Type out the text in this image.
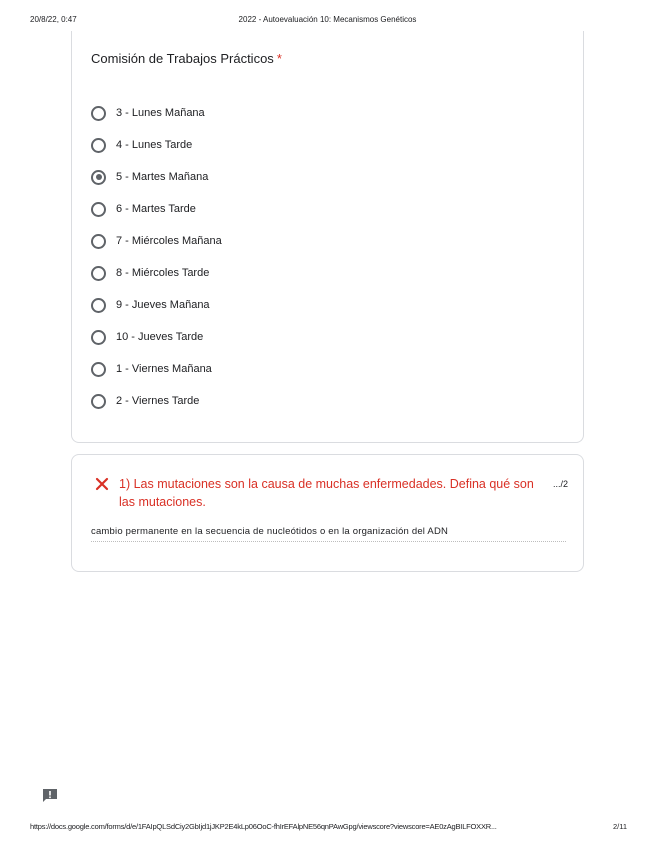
20/8/22, 0:47	2022 - Autoevaluación 10: Mecanismos Genéticos
Comisión de Trabajos Prácticos *
3 - Lunes Mañana
4 - Lunes Tarde
5 - Martes Mañana
6 - Martes Tarde
7 - Miércoles Mañana
8 - Miércoles Tarde
9 - Jueves Mañana
10 - Jueves Tarde
1 - Viernes Mañana
2 - Viernes Tarde
1) Las mutaciones son la causa de muchas enfermedades. Defina qué son las mutaciones.
.../2
cambio permanente en la secuencia de nucleótidos o en la organización del ADN
https://docs.google.com/forms/d/e/1FAIpQLSdCiy2GbIjd1jJKP2E4kLp06OoC-fhIrEFAlpNE56qnPAwGpg/viewscore?viewscore=AE0zAgBILFOXXR...	2/11
